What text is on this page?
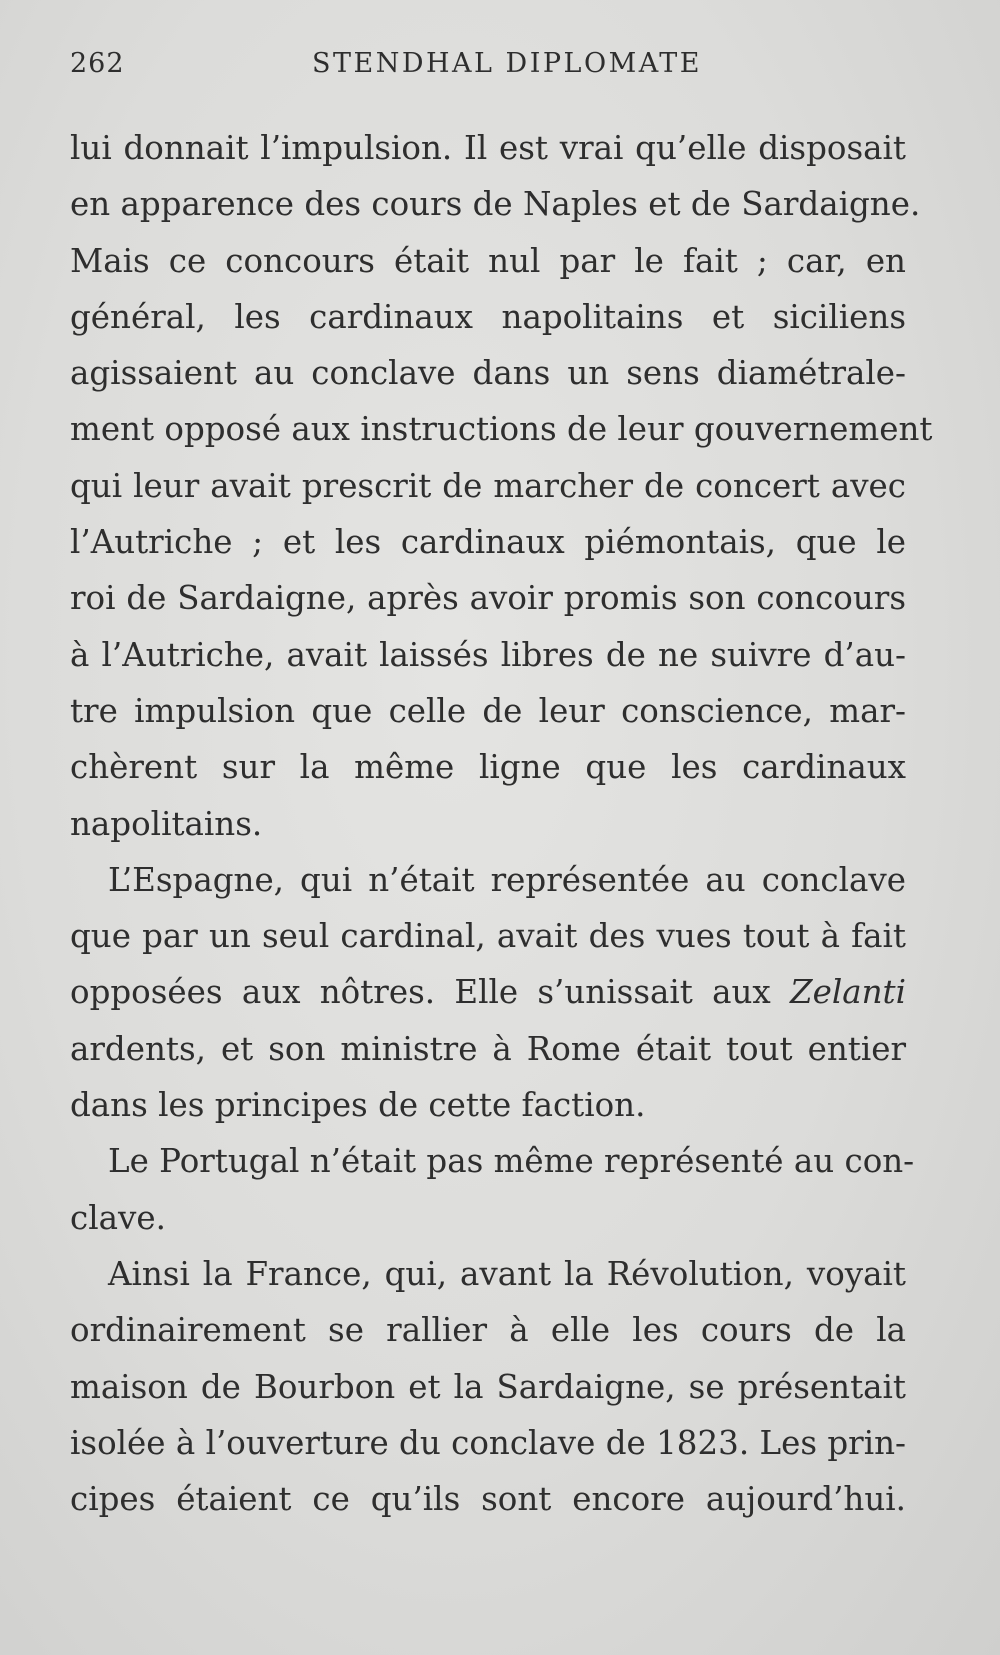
262	STENDHAL DIPLOMATE
lui donnait l’impulsion. Il est vrai qu’elle disposait
en apparence des cours de Naples et de Sardaigne.
Mais ce concours était nul par le fait ; car, en
général, les cardinaux napolitains et siciliens
agissaient au conclave dans un sens diamétrale-
ment opposé aux instructions de leur gouvernement
qui leur avait prescrit de marcher de concert avec
l’Autriche ; et les cardinaux piémontais, que le
roi de Sardaigne, après avoir promis son concours
à l’Autriche, avait laissés libres de ne suivre d’au-
tre impulsion que celle de leur conscience, mar-
chèrent sur la même ligne que les cardinaux
napolitains.
L’Espagne, qui n’était représentée au conclave
que par un seul cardinal, avait des vues tout à fait
opposées aux nôtres. Elle s’unissait aux Zelanti
ardents, et son ministre à Rome était tout entier
dans les principes de cette faction.
Le Portugal n’était pas même représenté au con-
clave.
Ainsi la France, qui, avant la Révolution, voyait
ordinairement se rallier à elle les cours de la
maison de Bourbon et la Sardaigne, se présentait
isolée à l’ouverture du conclave de 1823. Les prin-
cipes étaient ce qu’ils sont encore aujourd’hui.
